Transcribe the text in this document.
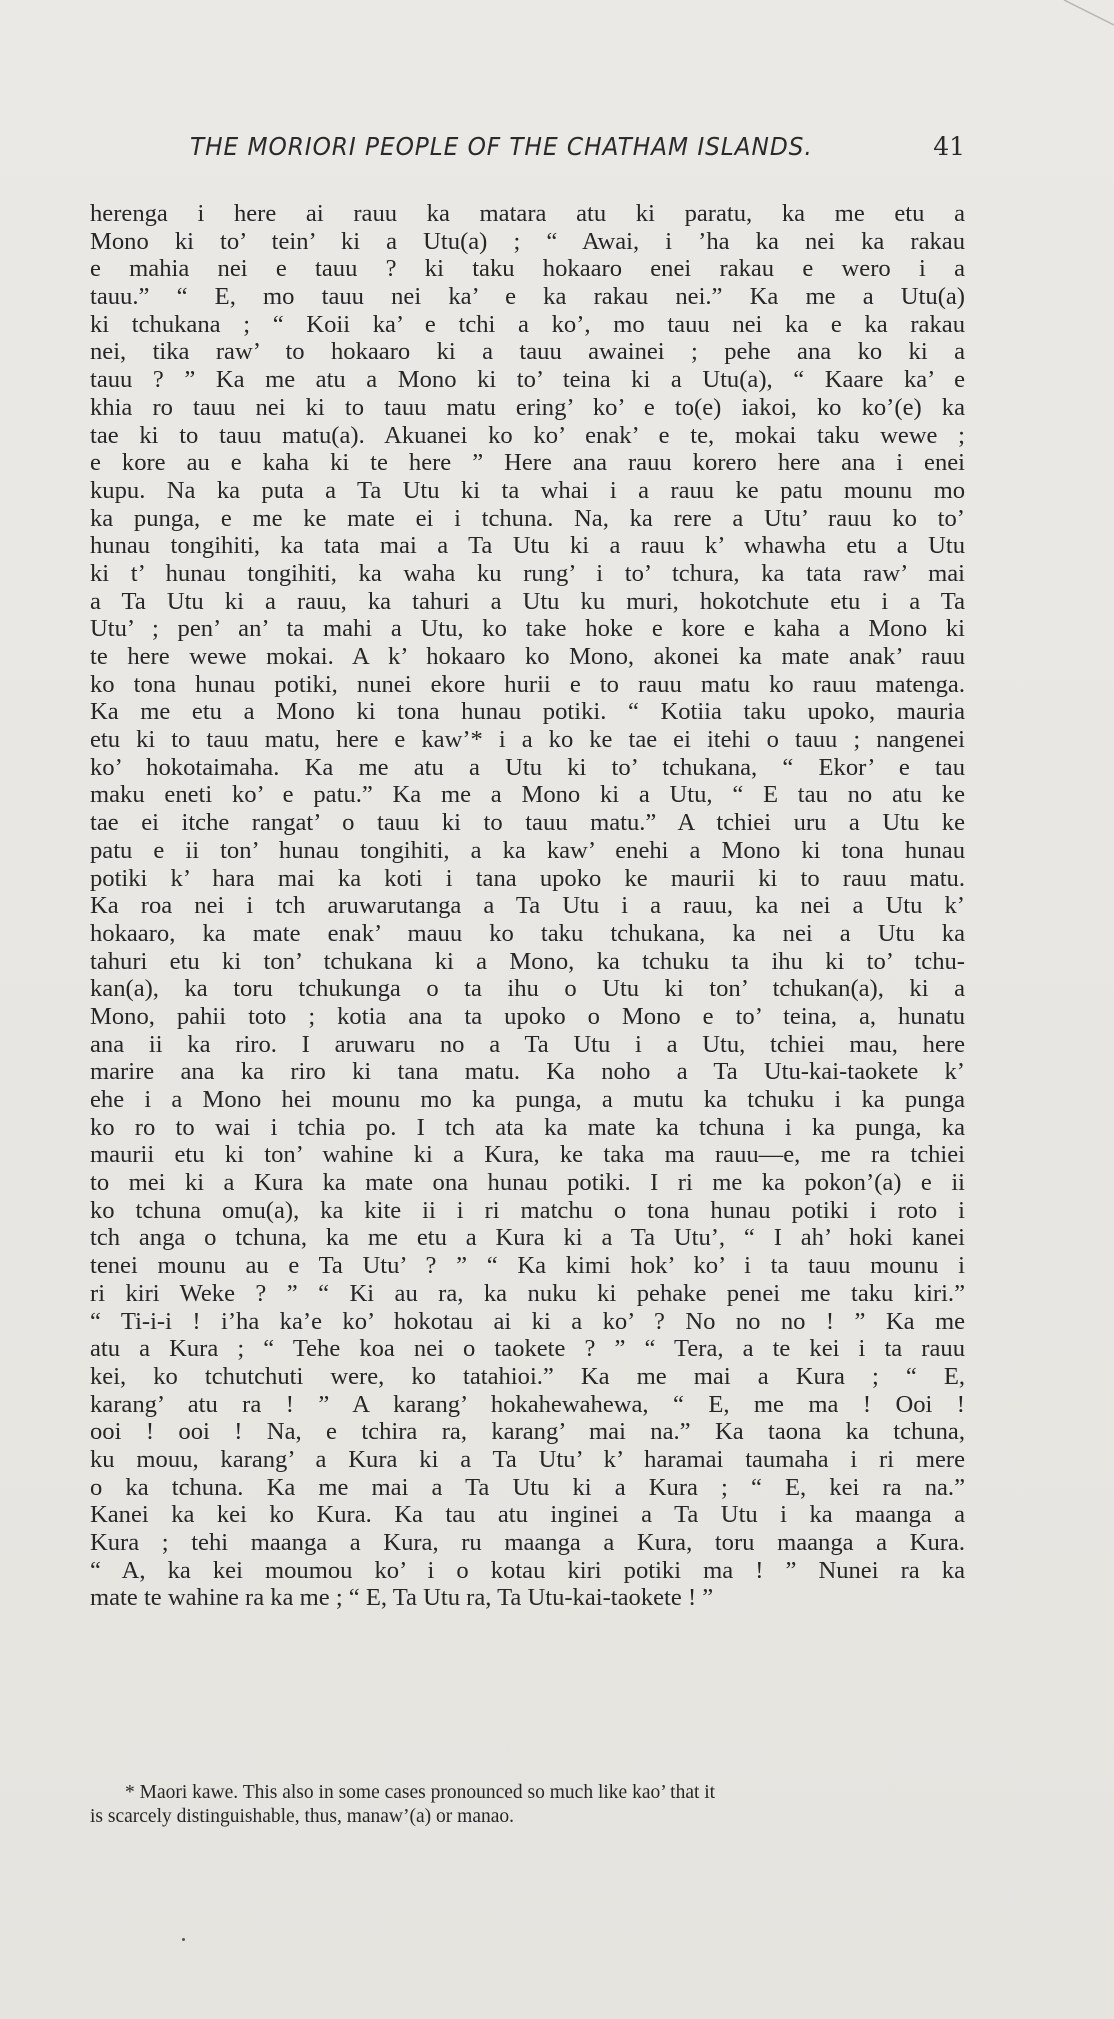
THE MORIORI PEOPLE OF THE CHATHAM ISLANDS.	41
herenga i here ai rauu ka matara atu ki paratu, ka me etu a
Mono ki to’ tein’ ki a Utu(a) ; “ Awai, i ’ha ka nei ka rakau
e mahia nei e tauu ? ki taku hokaaro enei rakau e wero i a
tauu.” “ E, mo tauu nei ka’ e ka rakau nei.” Ka me a Utu(a)
ki tchukana ; “ Koii ka’ e tchi a ko’, mo tauu nei ka e ka rakau
nei, tika raw’ to hokaaro ki a tauu awainei ; pehe ana ko ki a
tauu ? ” Ka me atu a Mono ki to’ teina ki a Utu(a), “ Kaare ka’ e
khia ro tauu nei ki to tauu matu ering’ ko’ e to(e) iakoi, ko ko’(e) ka
tae ki to tauu matu(a). Akuanei ko ko’ enak’ e te, mokai taku wewe ;
e kore au e kaha ki te here ” Here ana rauu korero here ana i enei
kupu. Na ka puta a Ta Utu ki ta whai i a rauu ke patu mounu mo
ka punga, e me ke mate ei i tchuna. Na, ka rere a Utu’ rauu ko to’
hunau tongihiti, ka tata mai a Ta Utu ki a rauu k’ whawha etu a Utu
ki t’ hunau tongihiti, ka waha ku rung’ i to’ tchura, ka tata raw’ mai
a Ta Utu ki a rauu, ka tahuri a Utu ku muri, hokotchute etu i a Ta
Utu’ ; pen’ an’ ta mahi a Utu, ko take hoke e kore e kaha a Mono ki
te here wewe mokai. A k’ hokaaro ko Mono, akonei ka mate anak’ rauu
ko tona hunau potiki, nunei ekore hurii e to rauu matu ko rauu matenga.
Ka me etu a Mono ki tona hunau potiki. “ Kotiia taku upoko, mauria
etu ki to tauu matu, here e kaw’* i a ko ke tae ei itehi o tauu ; nangenei
ko’ hokotaimaha. Ka me atu a Utu ki to’ tchukana, “ Ekor’ e tau
maku eneti ko’ e patu.” Ka me a Mono ki a Utu, “ E tau no atu ke
tae ei itche rangat’ o tauu ki to tauu matu.” A tchiei uru a Utu ke
patu e ii ton’ hunau tongihiti, a ka kaw’ enehi a Mono ki tona hunau
potiki k’ hara mai ka koti i tana upoko ke maurii ki to rauu matu.
Ka roa nei i tch aruwarutanga a Ta Utu i a rauu, ka nei a Utu k’
hokaaro, ka mate enak’ mauu ko taku tchukana, ka nei a Utu ka
tahuri etu ki ton’ tchukana ki a Mono, ka tchuku ta ihu ki to’ tchu-
kan(a), ka toru tchukunga o ta ihu o Utu ki ton’ tchukan(a), ki a
Mono, pahii toto ; kotia ana ta upoko o Mono e to’ teina, a, hunatu
ana ii ka riro. I aruwaru no a Ta Utu i a Utu, tchiei mau, here
marire ana ka riro ki tana matu. Ka noho a Ta Utu-kai-taokete k’
ehe i a Mono hei mounu mo ka punga, a mutu ka tchuku i ka punga
ko ro to wai i tchia po. I tch ata ka mate ka tchuna i ka punga, ka
maurii etu ki ton’ wahine ki a Kura, ke taka ma rauu—e, me ra tchiei
to mei ki a Kura ka mate ona hunau potiki. I ri me ka pokon’(a) e ii
ko tchuna omu(a), ka kite ii i ri matchu o tona hunau potiki i roto i
tch anga o tchuna, ka me etu a Kura ki a Ta Utu’, “ I ah’ hoki kanei
tenei mounu au e Ta Utu’ ? ” “ Ka kimi hok’ ko’ i ta tauu mounu i
ri kiri Weke ? ” “ Ki au ra, ka nuku ki pehake penei me taku kiri.”
“ Ti-i-i ! i’ha ka’e ko’ hokotau ai ki a ko’ ? No no no ! ” Ka me
atu a Kura ; “ Tehe koa nei o taokete ? ” “ Tera, a te kei i ta rauu
kei, ko tchutchuti were, ko tatahioi.” Ka me mai a Kura ; “ E,
karang’ atu ra ! ” A karang’ hokahewahewa, “ E, me ma ! Ooi !
ooi ! ooi ! Na, e tchira ra, karang’ mai na.” Ka taona ka tchuna,
ku mouu, karang’ a Kura ki a Ta Utu’ k’ haramai taumaha i ri mere
o ka tchuna. Ka me mai a Ta Utu ki a Kura ; “ E, kei ra na.”
Kanei ka kei ko Kura. Ka tau atu inginei a Ta Utu i ka maanga a
Kura ; tehi maanga a Kura, ru maanga a Kura, toru maanga a Kura.
“ A, ka kei moumou ko’ i o kotau kiri potiki ma ! ” Nunei ra ka
mate te wahine ra ka me ; “ E, Ta Utu ra, Ta Utu-kai-taokete ! ”
* Maori kawe. This also in some cases pronounced so much like kao’ that it
is scarcely distinguishable, thus, manaw’(a) or manao.
